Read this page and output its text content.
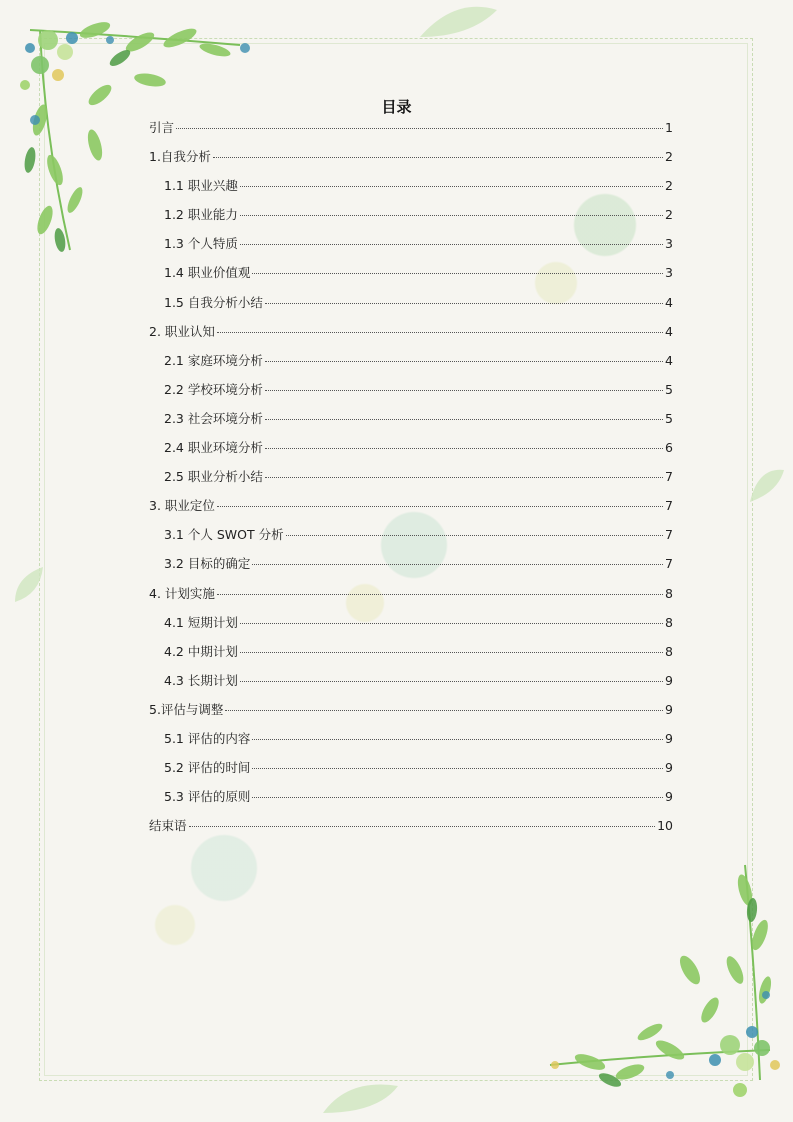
目录
引言	1
1.自我分析	2
1.1 职业兴趣	2
1.2 职业能力	2
1.3 个人特质	3
1.4 职业价值观	3
1.5 自我分析小结	4
2. 职业认知	4
2.1 家庭环境分析	4
2.2 学校环境分析	5
2.3 社会环境分析	5
2.4 职业环境分析	6
2.5 职业分析小结	7
3. 职业定位	7
3.1 个人 SWOT 分析	7
3.2 目标的确定	7
4. 计划实施	8
4.1 短期计划	8
4.2 中期计划	8
4.3 长期计划	9
5.评估与调整	9
5.1 评估的内容	9
5.2 评估的时间	9
5.3 评估的原则	9
结束语	10
